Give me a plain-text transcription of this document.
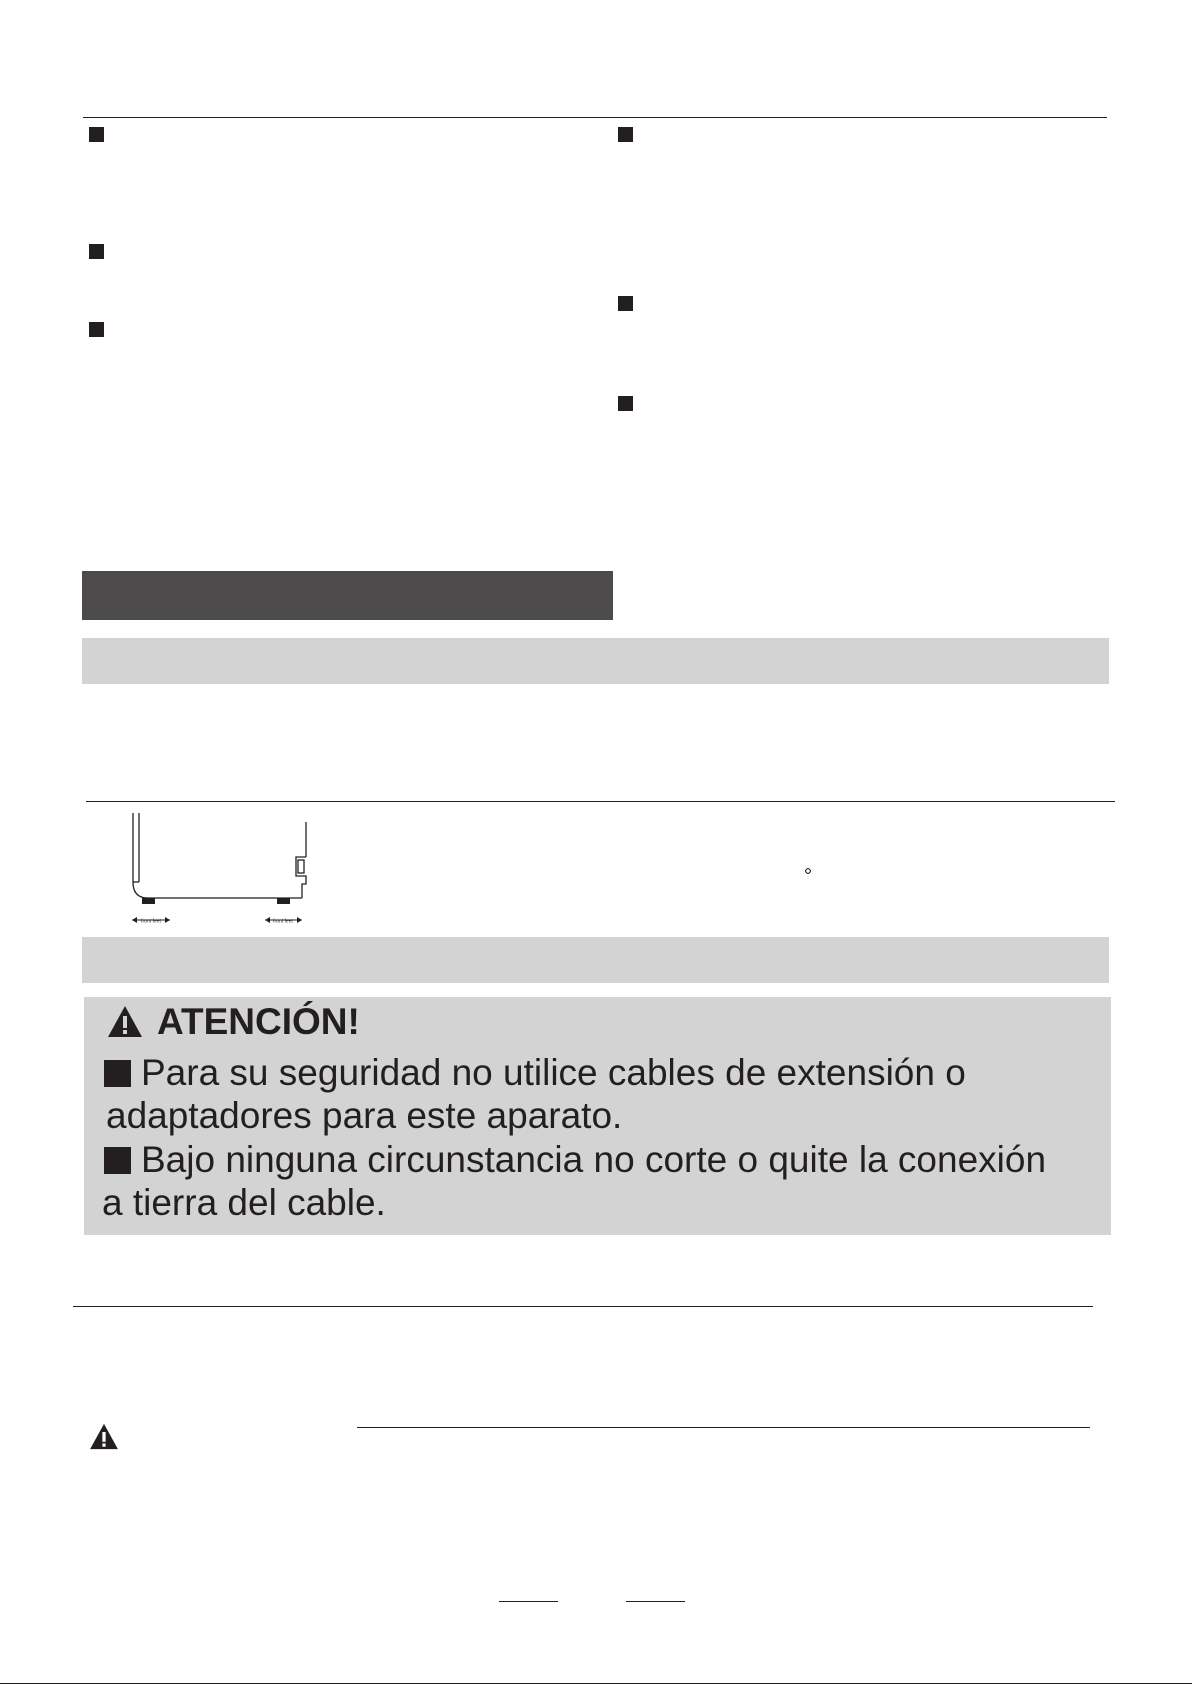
front feet	front feet
ATENCIÓN!
Para su seguridad no utilice cables de extensión o
adaptadores para este aparato.
Bajo ninguna circunstancia no corte o quite la conexión
a tierra del cable.
